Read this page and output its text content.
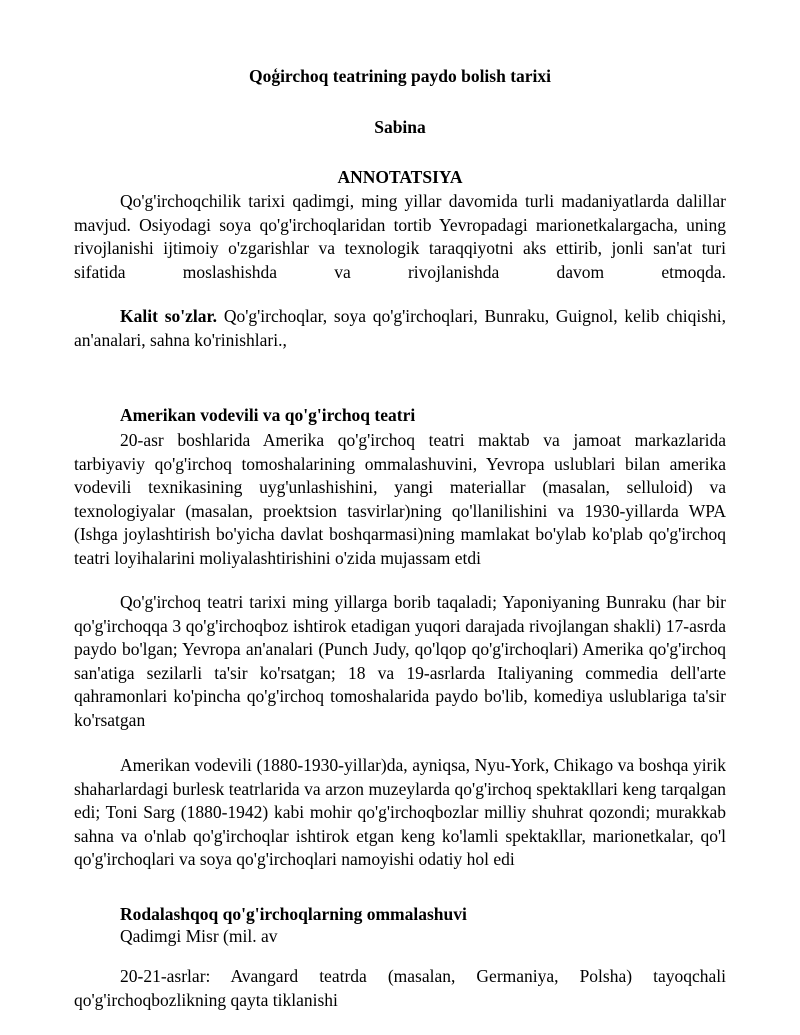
Qoģirchoq teatrining paydo bolish tarixi
Sabina
ANNOTATSIYA
Qo'g'irchoqchilik tarixi qadimgi, ming yillar davomida turli madaniyatlarda dalillar mavjud. Osiyodagi soya qo'g'irchoqlaridan tortib Yevropadagi marionetkalargacha, uning rivojlanishi ijtimoiy o'zgarishlar va texnologik taraqqiyotni aks ettirib, jonli san'at turi sifatida moslashishda va rivojlanishda davom etmoqda.
Kalit so'zlar. Qo'g'irchoqlar, soya qo'g'irchoqlari, Bunraku, Guignol, kelib chiqishi, an'analari, sahna ko'rinishlari.,
Amerikan vodevili va qo'g'irchoq teatri
20-asr boshlarida Amerika qo'g'irchoq teatri maktab va jamoat markazlarida tarbiyaviy qo'g'irchoq tomoshalarining ommalashuvini, Yevropa uslublari bilan amerika vodevili texnikasining uyg'unlashishini, yangi materiallar (masalan, selluloid) va texnologiyalar (masalan, proektsion tasvirlar)ning qo'llanilishini va 1930-yillarda WPA (Ishga joylashtirish bo'yicha davlat boshqarmasi)ning mamlakat bo'ylab ko'plab qo'g'irchoq teatri loyihalarini moliyalashtirishini o'zida mujassam etdi
Qo'g'irchoq teatri tarixi ming yillarga borib taqaladi; Yaponiyaning Bunraku (har bir qo'g'irchoqqa 3 qo'g'irchoqboz ishtirok etadigan yuqori darajada rivojlangan shakli) 17-asrda paydo bo'lgan; Yevropa an'analari (Punch Judy, qo'lqop qo'g'irchoqlari) Amerika qo'g'irchoq san'atiga sezilarli ta'sir ko'rsatgan; 18 va 19-asrlarda Italiyaning commedia dell'arte qahramonlari ko'pincha qo'g'irchoq tomoshalarida paydo bo'lib, komediya uslublariga ta'sir ko'rsatgan
Amerikan vodevili (1880-1930-yillar)da, ayniqsa, Nyu-York, Chikago va boshqa yirik shaharlardagi burlesk teatrlarida va arzon muzeylarda qo'g'irchoq spektakllari keng tarqalgan edi; Toni Sarg (1880-1942) kabi mohir qo'g'irchoqbozlar milliy shuhrat qozondi; murakkab sahna va o'nlab qo'g'irchoqlar ishtirok etgan keng ko'lamli spektakllar, marionetkalar, qo'l qo'g'irchoqlari va soya qo'g'irchoqlari namoyishi odatiy hol edi
Rodalashqoq qo'g'irchoqlarning ommalashuvi
Qadimgi Misr (mil. av
20-21-asrlar: Avangard teatrda (masalan, Germaniya, Polsha) tayoqchali qo'g'irchoqbozlikning qayta tiklanishi
